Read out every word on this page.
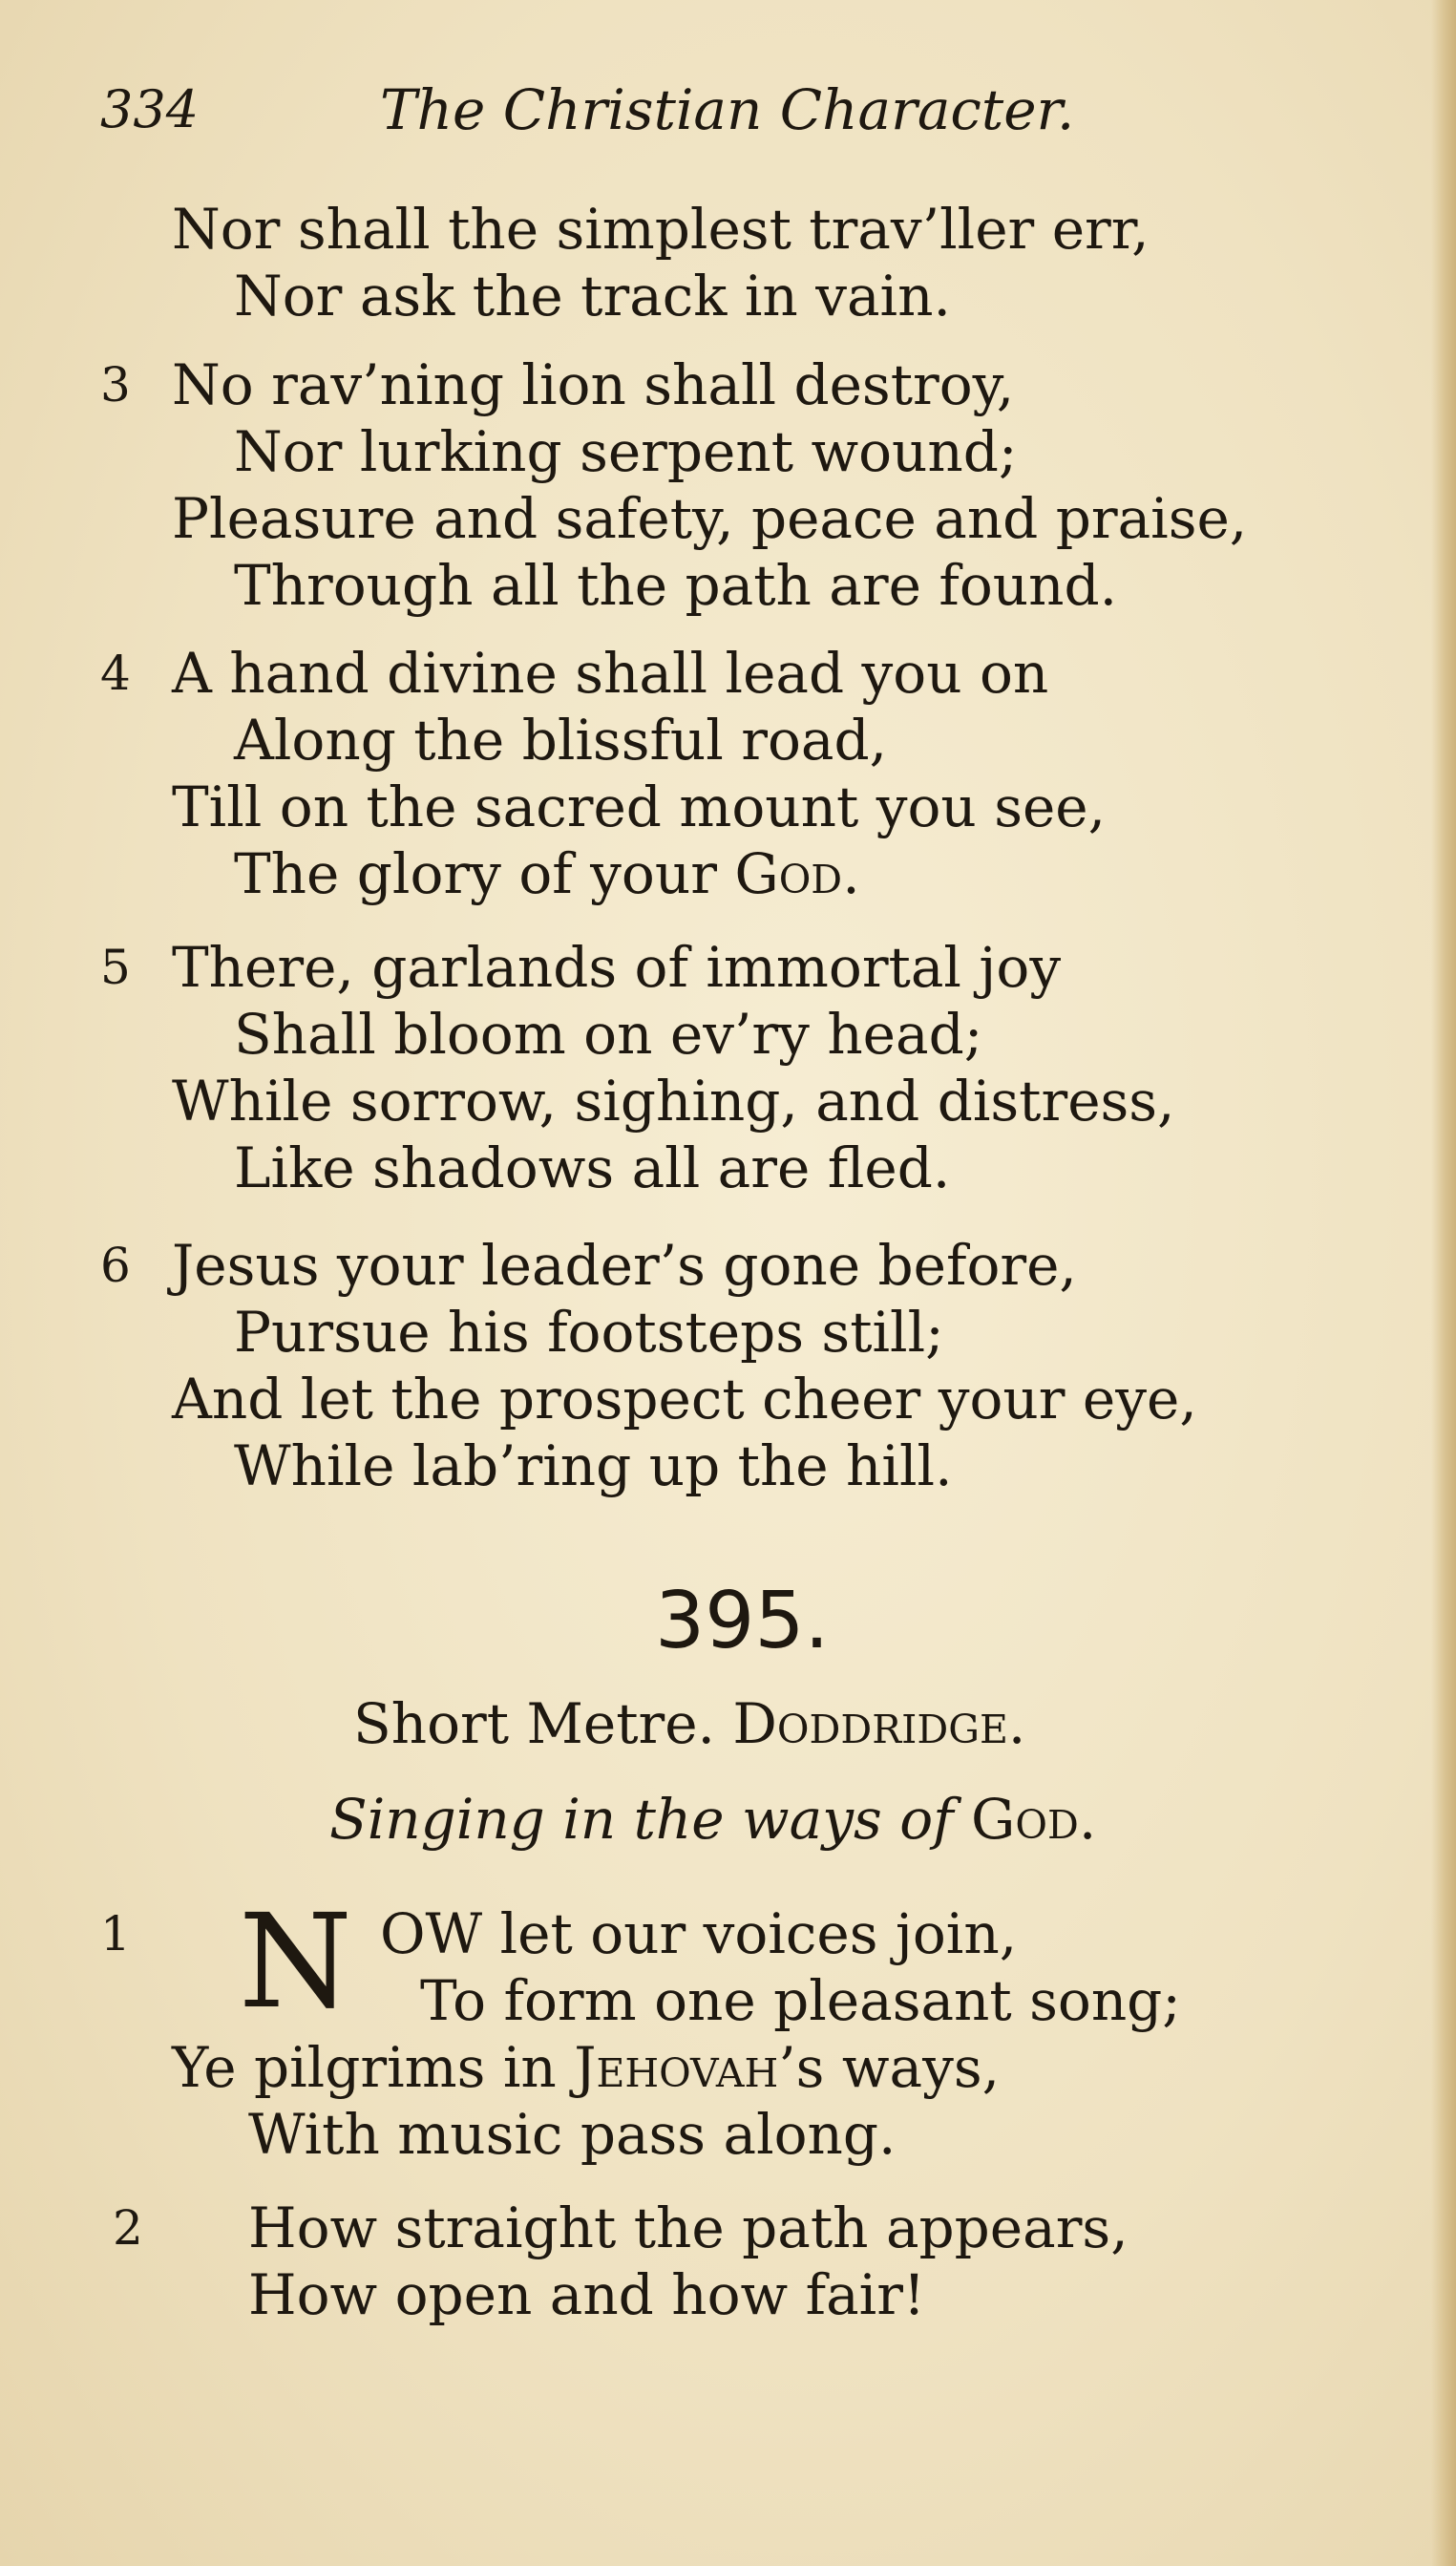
334	The Christian Character.
Nor shall the simplest trav’ller err,
Nor ask the track in vain.
3 No rav’ning lion shall destroy,
Nor lurking serpent wound;
Pleasure and safety, peace and praise,
Through all the path are found.
4 A hand divine shall lead you on
Along the blissful road,
Till on the sacred mount you see,
The glory of your God.
5 There, garlands of immortal joy
Shall bloom on ev’ry head;
While sorrow, sighing, and distress,
Like shadows all are fled.
6 Jesus your leader’s gone before,
Pursue his footsteps still;
And let the prospect cheer your eye,
While lab’ring up the hill.
395.
Short Metre. Doddridge.
Singing in the ways of God.
1 N OW let our voices join,
To form one pleasant song;
Ye pilgrims in Jehovah’s ways,
With music pass along.
2 How straight the path appears,
How open and how fair!
